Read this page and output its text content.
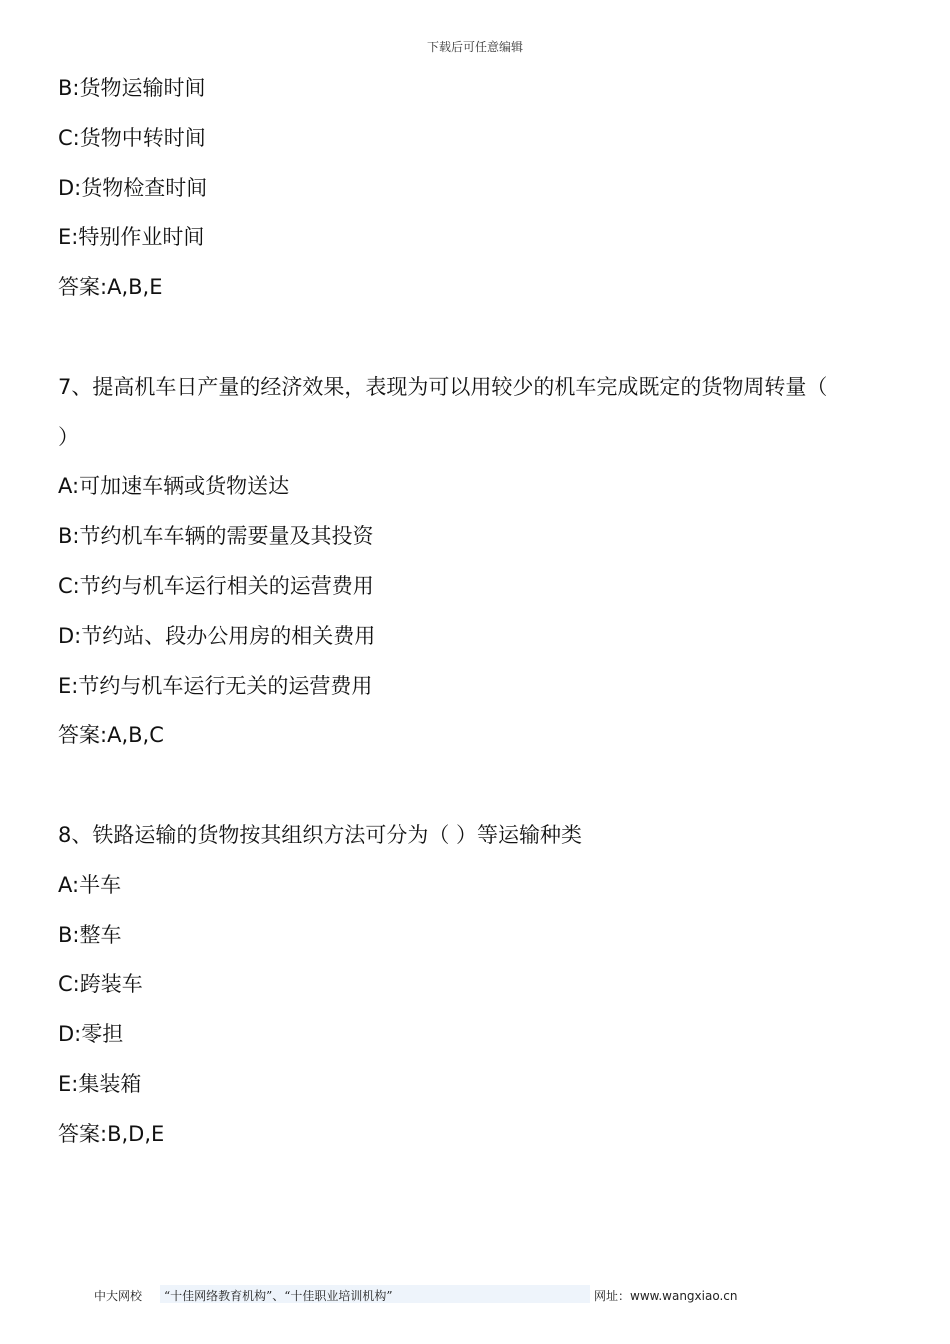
下载后可任意编辑
B:货物运输时间
C:货物中转时间
D:货物检查时间
E:特别作业时间
答案:A,B,E
7、提高机车日产量的经济效果，表现为可以用较少的机车完成既定的货物周转量（
）
A:可加速车辆或货物送达
B:节约机车车辆的需要量及其投资
C:节约与机车运行相关的运营费用
D:节约站、段办公用房的相关费用
E:节约与机车运行无关的运营费用
答案:A,B,C
8、铁路运输的货物按其组织方法可分为（ ）等运输种类
A:半车
B:整车
C:跨装车
D:零担
E:集装箱
答案:B,D,E
中大网校 “十佳网络教育机构”、“十佳职业培训机构”	网址：www.wangxiao.cn
